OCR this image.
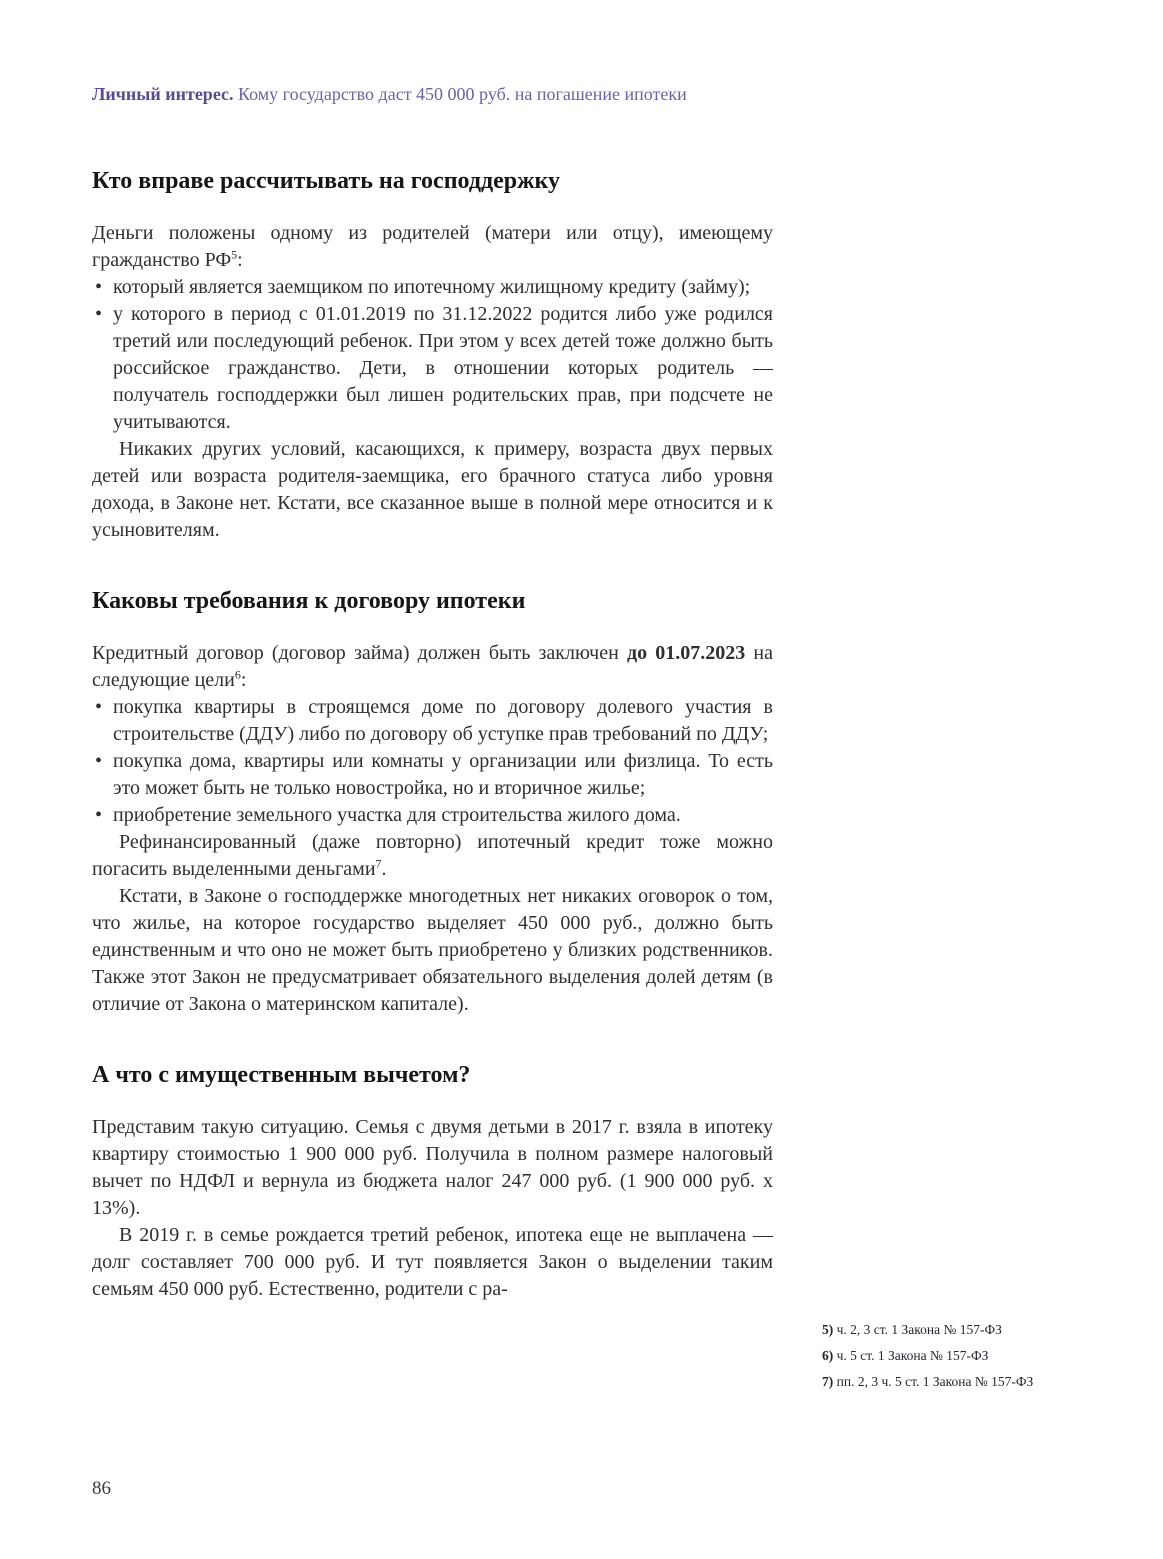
Личный интерес. Кому государство даст 450 000 руб. на погашение ипотеки
Кто вправе рассчитывать на господдержку

Деньги положены одному из родителей (матери или отцу), имеющему гражданство $РФ^5$:

• который является заемщиком по ипотечному жилищному кредиту (займу);
• у которого в период с 01.01.2019 по 31.12.2022 родится либо уже родился третий или последующий ребенок. При этом у всех детей тоже должно быть российское гражданство. Дети, в отношении которых родитель — получатель господдержки был лишен родительских прав, при подсчете не учитываются.

Никаких других условий, касающихся, к примеру, возраста двух первых детей или возраста родителя-заемщика, его брачного статуса либо уровня дохода, в Законе нет. Кстати, все сказанное выше в полной мере относится и к усыновителям.

Каковы требования к договору ипотеки

Кредитный договор (договор займа) должен быть заключен до 01.07.2023 на следующие цели$^6$:

• покупка квартиры в строящемся доме по договору долевого участия в строительстве (ДДУ) либо по договору об уступке прав требований по ДДУ;
• покупка дома, квартиры или комнаты у организации или физлица. То есть это может быть не только новостройка, но и вторичное жилье;
• приобретение земельного участка для строительства жилого дома.

Рефинансированный (даже повторно) ипотечный кредит тоже можно погасить выделенными деньгами$^7$.

Кстати, в Законе о господдержке многодетных нет никаких оговорок о том, что жилье, на которое государство выделяет 450 000 руб., должно быть единственным и что оно не может быть приобретено у близких родственников. Также этот Закон не предусматривает обязательного выделения долей детям (в отличие от Закона о материнском капитале).

А что с имущественным вычетом?

Представим такую ситуацию. Семья с двумя детьми в 2017 г. взяла в ипотеку квартиру стоимостью 1 900 000 руб. Получила в полном размере налоговый вычет по НДФЛ и вернула из бюджета налог 247 000 руб. (1 900 000 руб. х 13%).

В 2019 г. в семье рождается третий ребенок, ипотека еще не выплачена — долг составляет 700 000 руб. И тут появляется Закон о выделении таким семьям 450 000 руб. Естественно, родители с ра-

5) ч. 2, 3 ст. 1 Закона № 157-ФЗ
6) ч. 5 ст. 1 Закона № 157-ФЗ
7) пп. 2, 3 ч. 5 ст. 1 Закона № 157-ФЗ
86
